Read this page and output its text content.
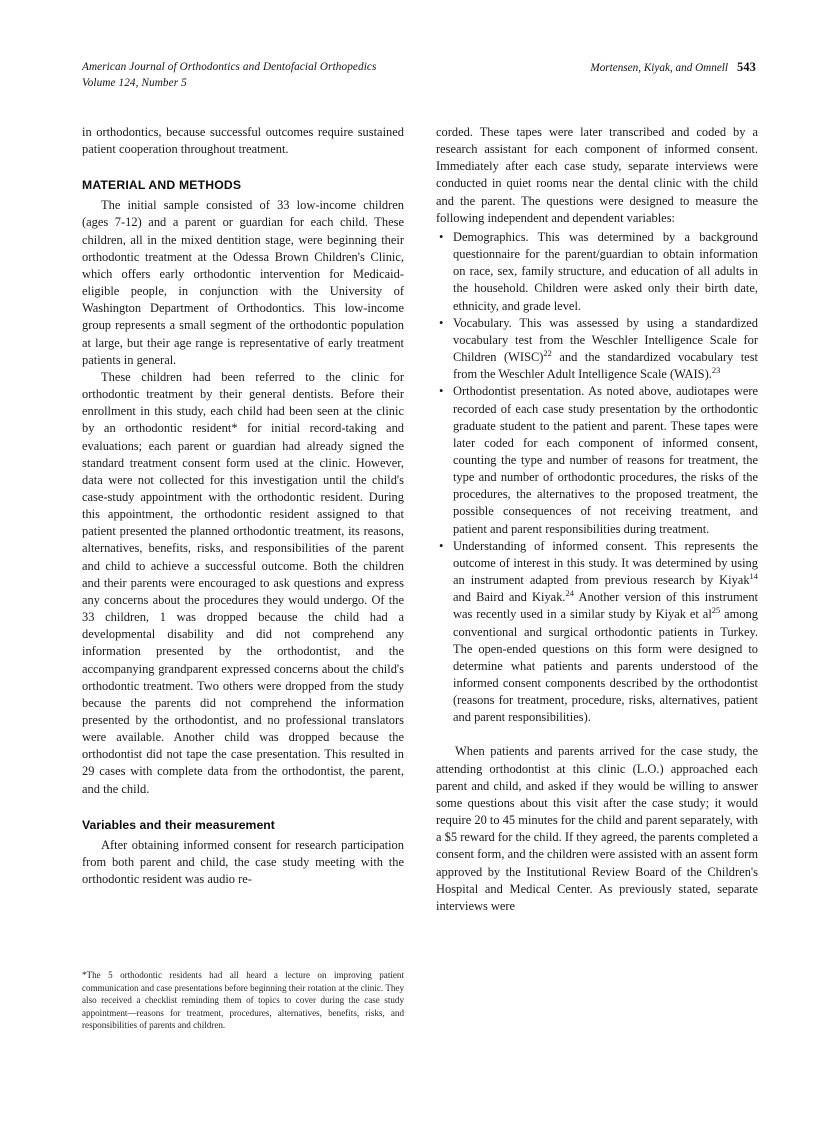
American Journal of Orthodontics and Dentofacial Orthopedics
Volume 124, Number 5
Mortensen, Kiyak, and Omnell 543

in orthodontics, because successful outcomes require sustained patient cooperation throughout treatment.

MATERIAL AND METHODS

The initial sample consisted of 33 low-income children (ages 7-12) and a parent or guardian for each child. These children, all in the mixed dentition stage, were beginning their orthodontic treatment at the Odessa Brown Children's Clinic, which offers early orthodontic intervention for Medicaid-eligible people, in conjunction with the University of Washington Department of Orthodontics. This low-income group represents a small segment of the orthodontic population at large, but their age range is representative of early treatment patients in general.

These children had been referred to the clinic for orthodontic treatment by their general dentists. Before their enrollment in this study, each child had been seen at the clinic by an orthodontic resident* for initial record-taking and evaluations; each parent or guardian had already signed the standard treatment consent form used at the clinic. However, data were not collected for this investigation until the child's case-study appointment with the orthodontic resident. During this appointment, the orthodontic resident assigned to that patient presented the planned orthodontic treatment, its reasons, alternatives, benefits, risks, and responsibilities of the parent and child to achieve a successful outcome. Both the children and their parents were encouraged to ask questions and express any concerns about the procedures they would undergo. Of the 33 children, 1 was dropped because the child had a developmental disability and did not comprehend any information presented by the orthodontist, and the accompanying grandparent expressed concerns about the child's orthodontic treatment. Two others were dropped from the study because the parents did not comprehend the information presented by the orthodontist, and no professional translators were available. Another child was dropped because the orthodontist did not tape the case presentation. This resulted in 29 cases with complete data from the orthodontist, the parent, and the child.

Variables and their measurement

After obtaining informed consent for research participation from both parent and child, the case study meeting with the orthodontic resident was audio re-

*The 5 orthodontic residents had all heard a lecture on improving patient communication and case presentations before beginning their rotation at the clinic. They also received a checklist reminding them of topics to cover during the case study appointment—reasons for treatment, procedures, alternatives, benefits, risks, and responsibilities of parents and children.

corded. These tapes were later transcribed and coded by a research assistant for each component of informed consent. Immediately after each case study, separate interviews were conducted in quiet rooms near the dental clinic with the child and the parent. The questions were designed to measure the following independent and dependent variables:

• Demographics. This was determined by a background questionnaire for the parent/guardian to obtain information on race, sex, family structure, and education of all adults in the household. Children were asked only their birth date, ethnicity, and grade level.
• Vocabulary. This was assessed by using a standardized vocabulary test from the Weschler Intelligence Scale for Children (WISC)$^{22}$ and the standardized vocabulary test from the Weschler Adult Intelligence Scale (WAIS).$^{23}$
• Orthodontist presentation. As noted above, audiotapes were recorded of each case study presentation by the orthodontic graduate student to the patient and parent. These tapes were later coded for each component of informed consent, counting the type and number of reasons for treatment, the type and number of orthodontic procedures, the risks of the procedures, the alternatives to the proposed treatment, the possible consequences of not receiving treatment, and patient and parent responsibilities during treatment.
• Understanding of informed consent. This represents the outcome of interest in this study. It was determined by using an instrument adapted from previous research by Kiyak$^{14}$ and Baird and Kiyak.$^{24}$ Another version of this instrument was recently used in a similar study by Kiyak et $al^{25}$ among conventional and surgical orthodontic patients in Turkey. The open-ended questions on this form were designed to determine what patients and parents understood of the informed consent components described by the orthodontist (reasons for treatment, procedure, risks, alternatives, patient and parent responsibilities).

When patients and parents arrived for the case study, the attending orthodontist at this clinic (L.O.) approached each parent and child, and asked if they would be willing to answer some questions about this visit after the case study; it would require 20 to 45 minutes for the child and parent separately, with a $5 reward for the child. If they agreed, the parents completed a consent form, and the children were assisted with an assent form approved by the Institutional Review Board of the Children's Hospital and Medical Center. As previously stated, separate interviews were
